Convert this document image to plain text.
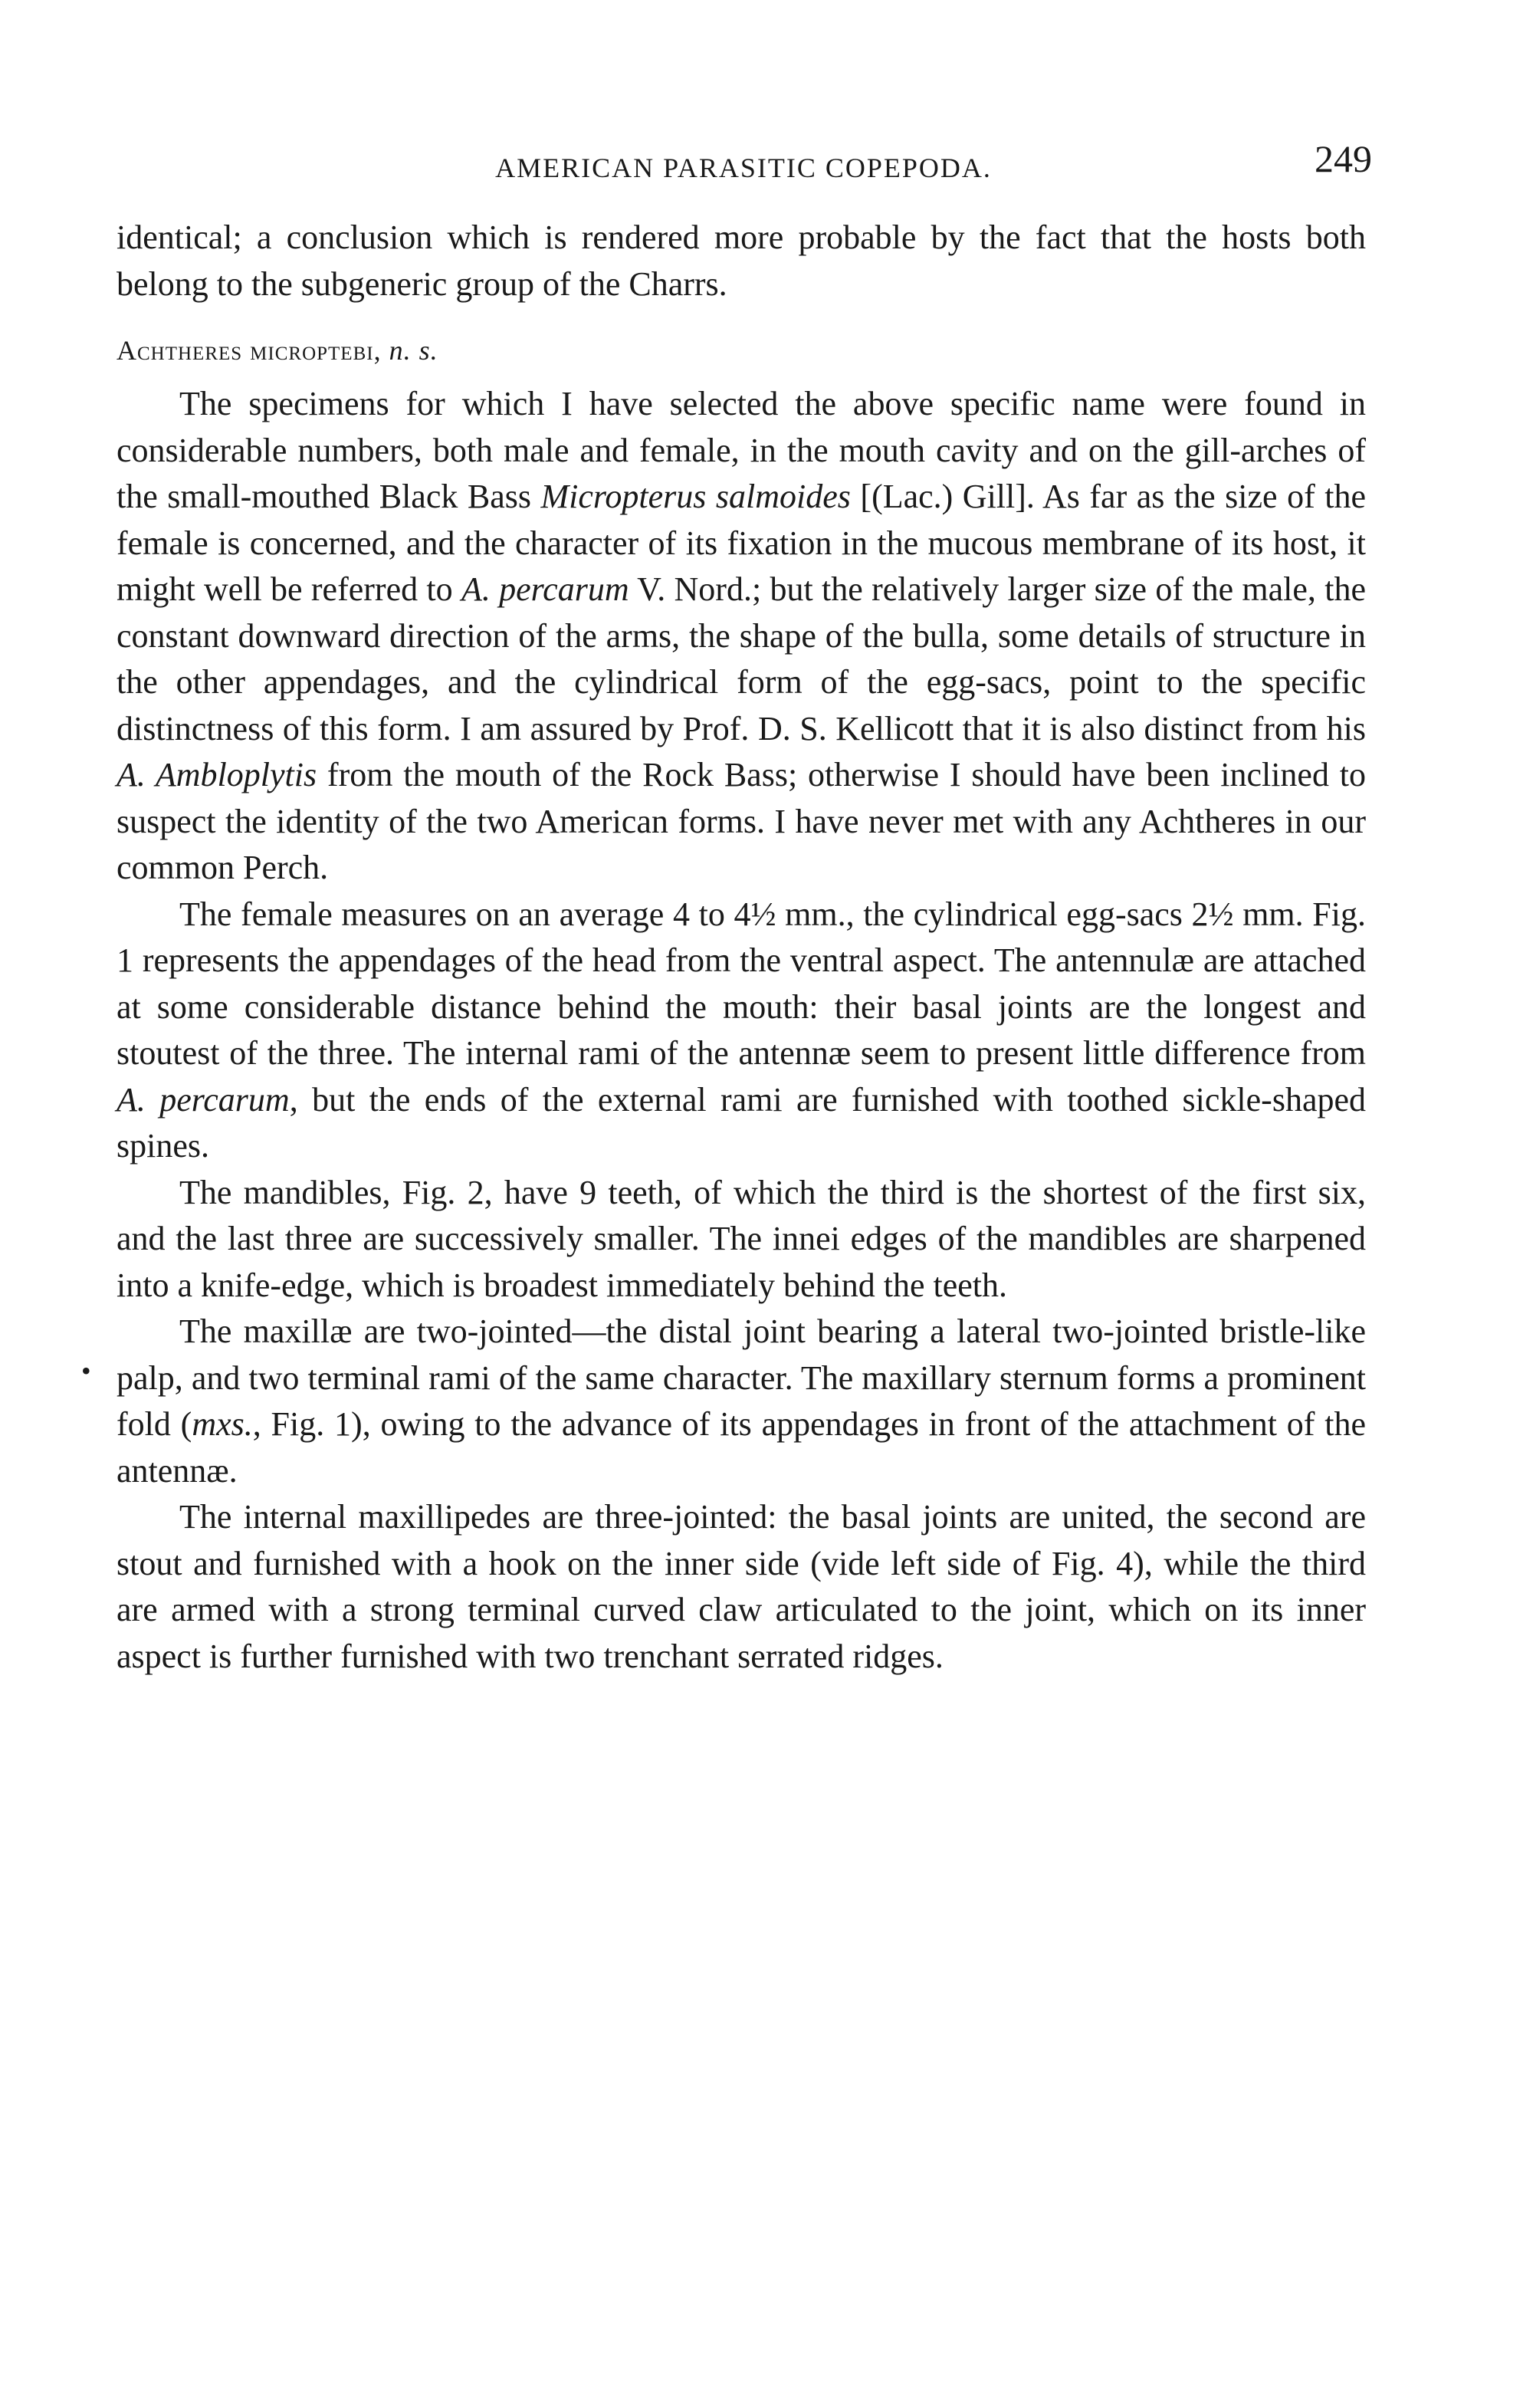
AMERICAN PARASITIC COPEPODA.	249
•

identical; a conclusion which is rendered more probable by the fact that the hosts both belong to the subgeneric group of the Charrs.

Achtheres microptebi, n. s.

The specimens for which I have selected the above specific name were found in considerable numbers, both male and female, in the mouth cavity and on the gill-arches of the small-mouthed Black Bass Micropterus salmoides [(Lac.) Gill]. As far as the size of the female is concerned, and the character of its fixation in the mucous membrane of its host, it might well be referred to A. percarum V. Nord.; but the relatively larger size of the male, the constant downward direction of the arms, the shape of the bulla, some details of structure in the other appendages, and the cylindrical form of the egg-sacs, point to the specific distinctness of this form. I am assured by Prof. D. S. Kellicott that it is also distinct from his A. Ambloplytis from the mouth of the Rock Bass; otherwise I should have been inclined to suspect the identity of the two American forms. I have never met with any Achtheres in our common Perch.

The female measures on an average 4 to 4½ mm., the cylindrical egg-sacs 2½ mm. Fig. 1 represents the appendages of the head from the ventral aspect. The antennulæ are attached at some considerable distance behind the mouth: their basal joints are the longest and stoutest of the three. The internal rami of the antennæ seem to present little difference from A. percarum, but the ends of the external rami are furnished with toothed sickle-shaped spines.

The mandibles, Fig. 2, have 9 teeth, of which the third is the shortest of the first six, and the last three are successively smaller. The innei edges of the mandibles are sharpened into a knife-edge, which is broadest immediately behind the teeth.

The maxillæ are two-jointed—the distal joint bearing a lateral two-jointed bristle-like palp, and two terminal rami of the same character. The maxillary sternum forms a prominent fold (mxs., Fig. 1), owing to the advance of its appendages in front of the attachment of the antennæ.

The internal maxillipedes are three-jointed: the basal joints are united, the second are stout and furnished with a hook on the inner side (vide left side of Fig. 4), while the third are armed with a strong terminal curved claw articulated to the joint, which on its inner aspect is further furnished with two trenchant serrated ridges.
